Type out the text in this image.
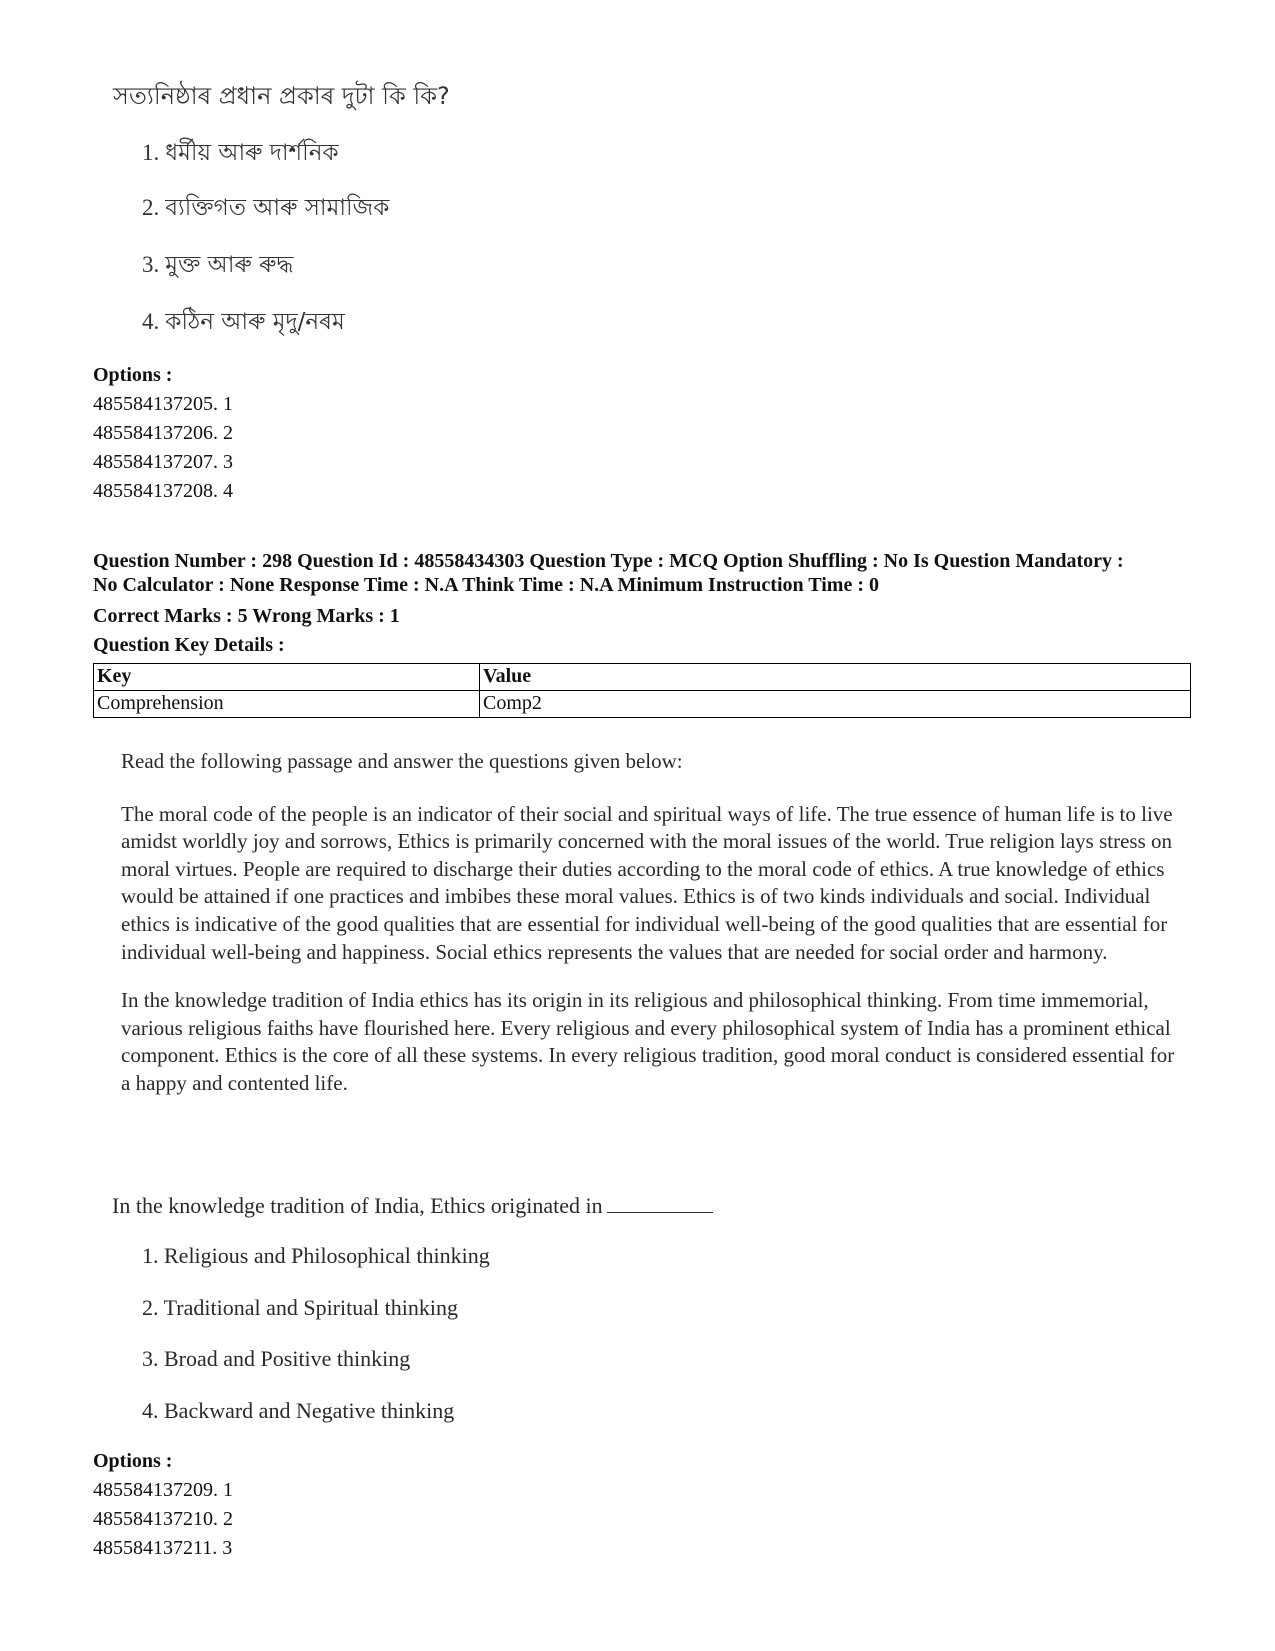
সত্যনিষ্ঠাৰ প্ৰধান প্ৰকাৰ দুটা কি কি?
1. ধৰ্মীয় আৰু দাৰ্শনিক
2. ব্যক্তিগত আৰু সামাজিক
3. মুক্ত আৰু ৰুদ্ধ
4. কঠিন আৰু মৃদু/নৰম
Options :
485584137205. 1
485584137206. 2
485584137207. 3
485584137208. 4
Question Number : 298 Question Id : 48558434303 Question Type : MCQ Option Shuffling : No Is Question Mandatory :
No Calculator : None Response Time : N.A Think Time : N.A Minimum Instruction Time : 0
Correct Marks : 5 Wrong Marks : 1
Question Key Details :
Key	Value
Comprehension	Comp2

Read the following passage and answer the questions given below:

The moral code of the people is an indicator of their social and spiritual ways of life. The true essence of human life is to live amidst worldly joy and sorrows, Ethics is primarily concerned with the moral issues of the world. True religion lays stress on moral virtues. People are required to discharge their duties according to the moral code of ethics. A true knowledge of ethics would be attained if one practices and imbibes these moral values. Ethics is of two kinds individuals and social. Individual ethics is indicative of the good qualities that are essential for individual well-being of the good qualities that are essential for individual well-being and happiness. Social ethics represents the values that are needed for social order and harmony.

In the knowledge tradition of India ethics has its origin in its religious and philosophical thinking. From time immemorial, various religious faiths have flourished here. Every religious and every philosophical system of India has a prominent ethical component. Ethics is the core of all these systems. In every religious tradition, good moral conduct is considered essential for a happy and contented life.

In the knowledge tradition of India, Ethics originated in
1. Religious and Philosophical thinking
2. Traditional and Spiritual thinking
3. Broad and Positive thinking
4. Backward and Negative thinking
Options :
485584137209. 1
485584137210. 2
485584137211. 3
